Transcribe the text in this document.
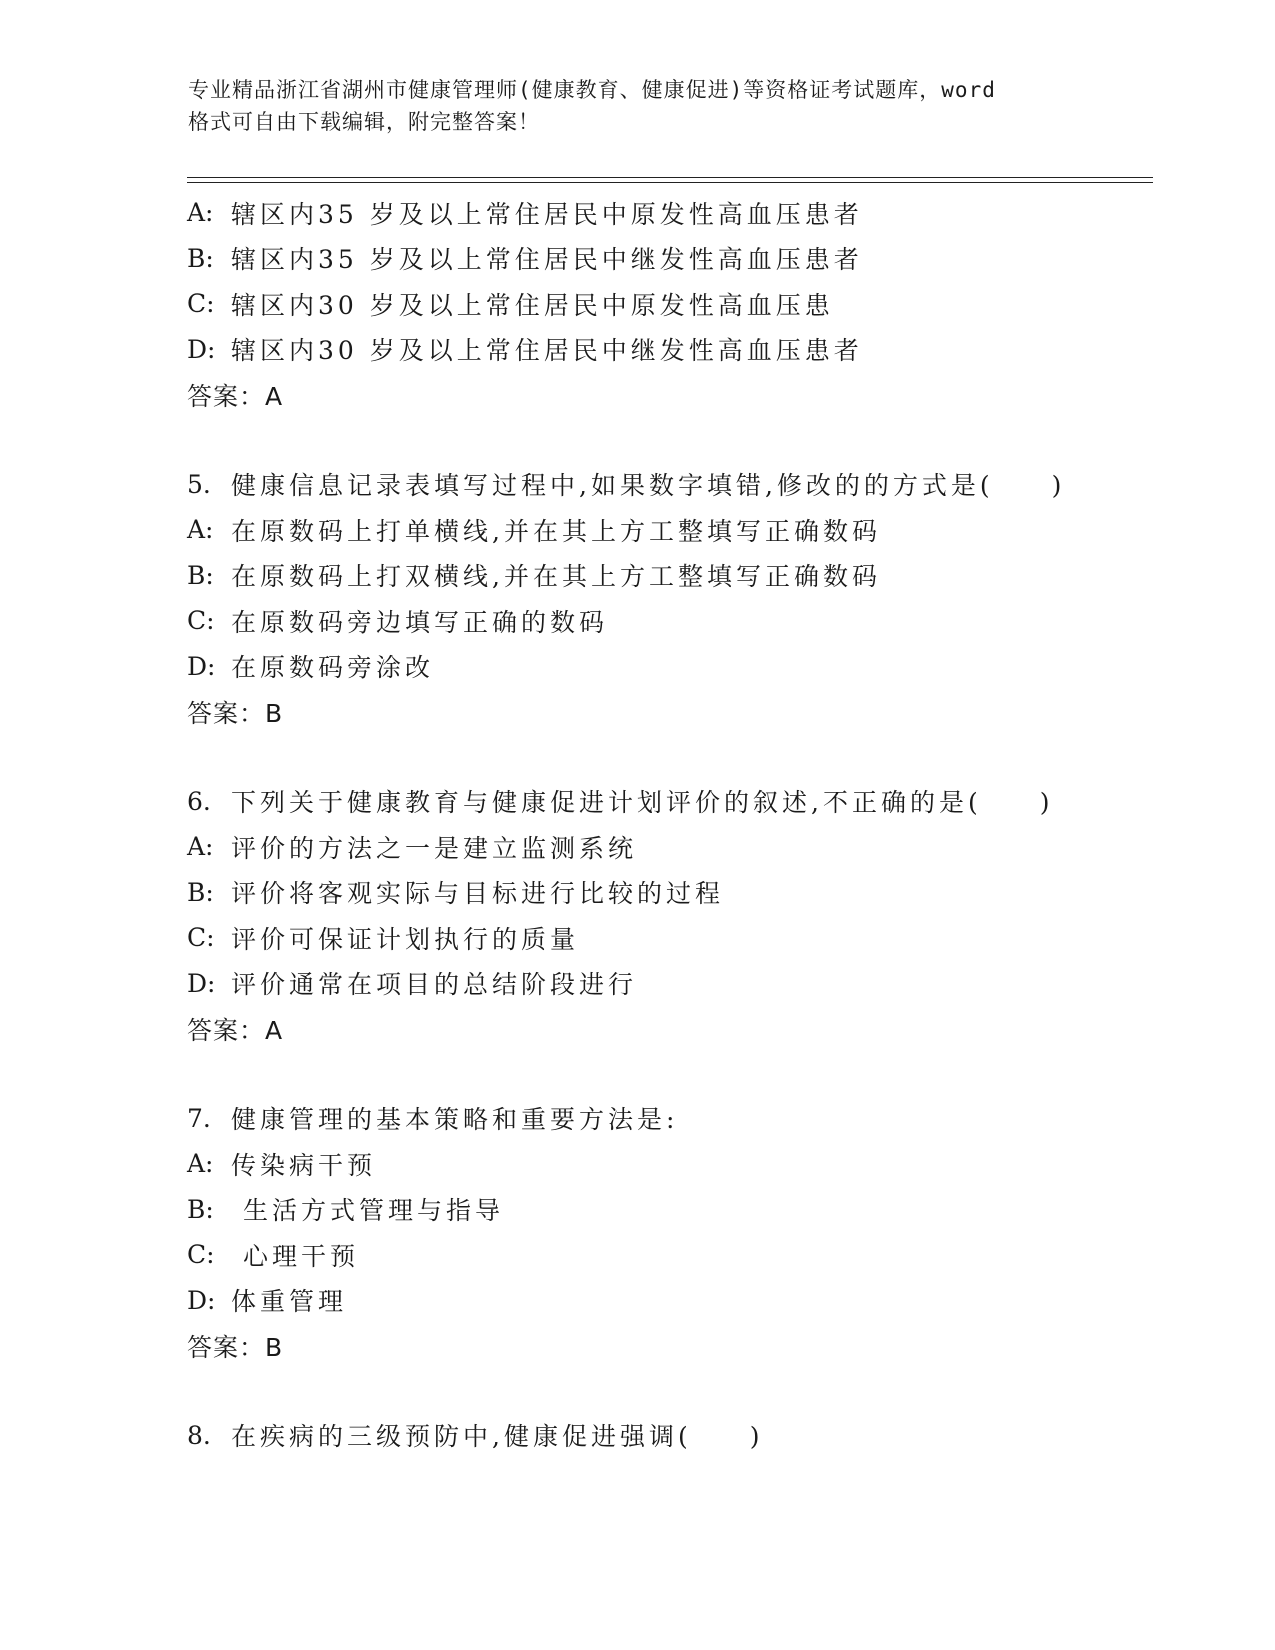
专业精品浙江省湖州市健康管理师(健康教育、健康促进)等资格证考试题库，word
格式可自由下载编辑，附完整答案！
A: 辖区内35 岁及以上常住居民中原发性高血压患者
B: 辖区内35 岁及以上常住居民中继发性高血压患者
C: 辖区内30 岁及以上常住居民中原发性高血压患
D: 辖区内30 岁及以上常住居民中继发性高血压患者
答案：A
5. 健康信息记录表填写过程中,如果数字填错,修改的的方式是(　　)
A: 在原数码上打单横线,并在其上方工整填写正确数码
B: 在原数码上打双横线,并在其上方工整填写正确数码
C: 在原数码旁边填写正确的数码
D: 在原数码旁涂改
答案：B
6. 下列关于健康教育与健康促进计划评价的叙述,不正确的是(　　)
A: 评价的方法之一是建立监测系统
B: 评价将客观实际与目标进行比较的过程
C: 评价可保证计划执行的质量
D: 评价通常在项目的总结阶段进行
答案：A
7. 健康管理的基本策略和重要方法是:
A: 传染病干预
B: 生活方式管理与指导
C: 心理干预
D: 体重管理
答案：B
8. 在疾病的三级预防中,健康促进强调(　　)
